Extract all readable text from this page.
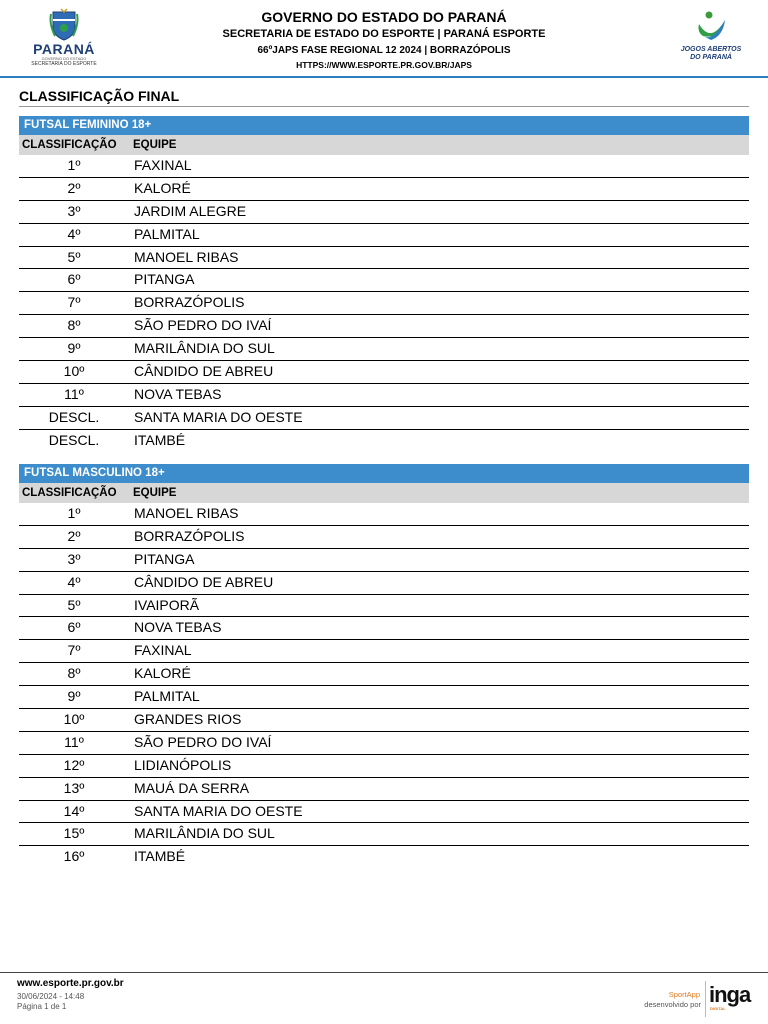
PARANÁ
GOVERNO DO ESTADO
SECRETARIA DO ESPORTE
GOVERNO DO ESTADO DO PARANÁ
SECRETARIA DE ESTADO DO ESPORTE | PARANÁ ESPORTE
66ºJAPS FASE REGIONAL 12 2024 | BORRAZÓPOLIS
HTTPS://WWW.ESPORTE.PR.GOV.BR/JAPS
JOGOS ABERTOS
DO PARANÁ
CLASSIFICAÇÃO FINAL
FUTSAL FEMININO 18+
CLASSIFICAÇÃO	EQUIPE
1º	FAXINAL
2º	KALORÉ
3º	JARDIM ALEGRE
4º	PALMITAL
5º	MANOEL RIBAS
6º	PITANGA
7º	BORRAZÓPOLIS
8º	SÃO PEDRO DO IVAÍ
9º	MARILÂNDIA DO SUL
10º	CÂNDIDO DE ABREU
11º	NOVA TEBAS
DESCL.	SANTA MARIA DO OESTE
DESCL.	ITAMBÉ
FUTSAL MASCULINO 18+
CLASSIFICAÇÃO	EQUIPE
1º	MANOEL RIBAS
2º	BORRAZÓPOLIS
3º	PITANGA
4º	CÂNDIDO DE ABREU
5º	IVAIPORÃ
6º	NOVA TEBAS
7º	FAXINAL
8º	KALORÉ
9º	PALMITAL
10º	GRANDES RIOS
11º	SÃO PEDRO DO IVAÍ
12º	LIDIANÓPOLIS
13º	MAUÁ DA SERRA
14º	SANTA MARIA DO OESTE
15º	MARILÂNDIA DO SUL
16º	ITAMBÉ
www.esporte.pr.gov.br
30/06/2024 - 14:48
Página 1 de 1
SportApp
desenvolvido por inga
DIGITAL
